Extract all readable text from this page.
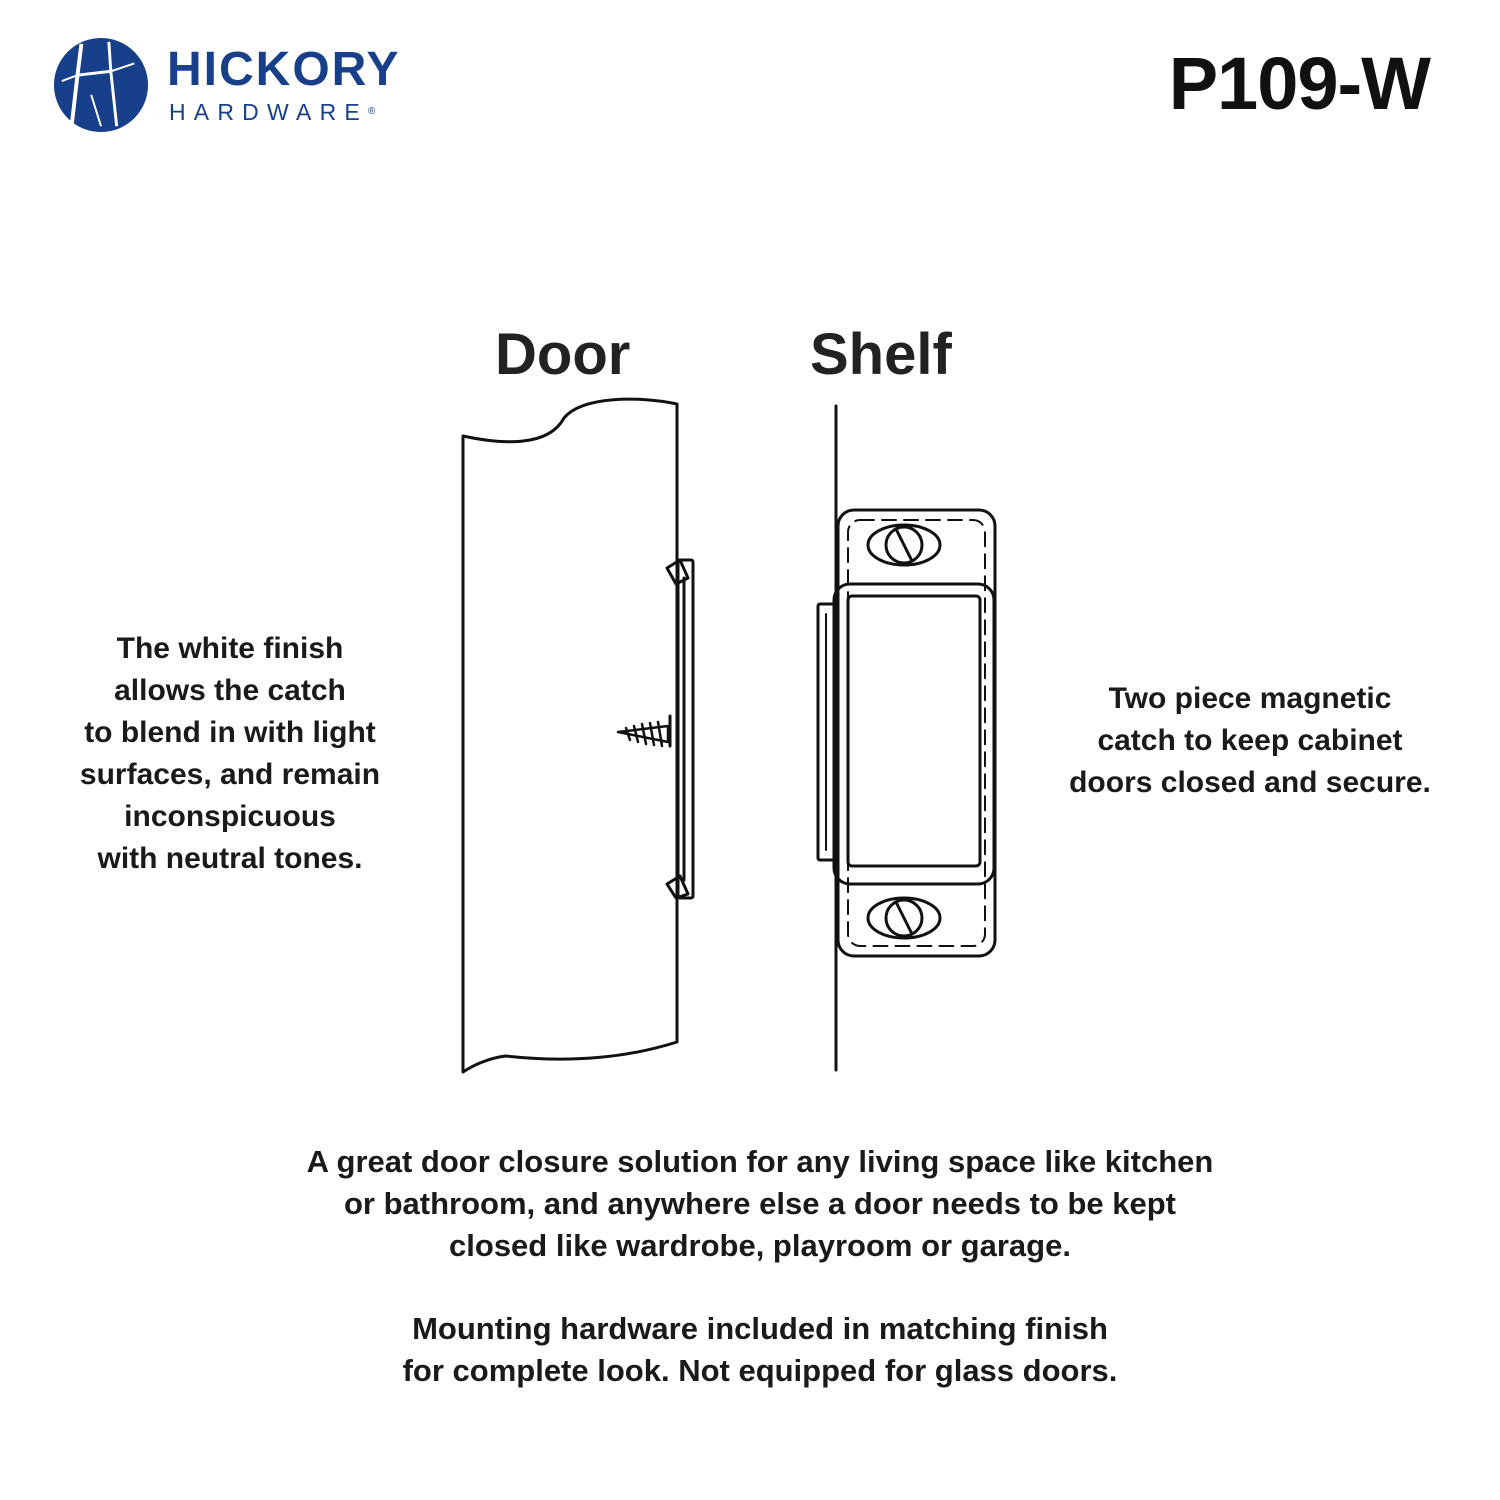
HICKORY
HARDWARE®	P109-W
Door	Shelf
The white finish
allows the catch
to blend in with light
surfaces, and remain
inconspicuous
with neutral tones.
Two piece magnetic
catch to keep cabinet
doors closed and secure.
A great door closure solution for any living space like kitchen
or bathroom, and anywhere else a door needs to be kept
closed like wardrobe, playroom or garage.
Mounting hardware included in matching finish
for complete look. Not equipped for glass doors.
